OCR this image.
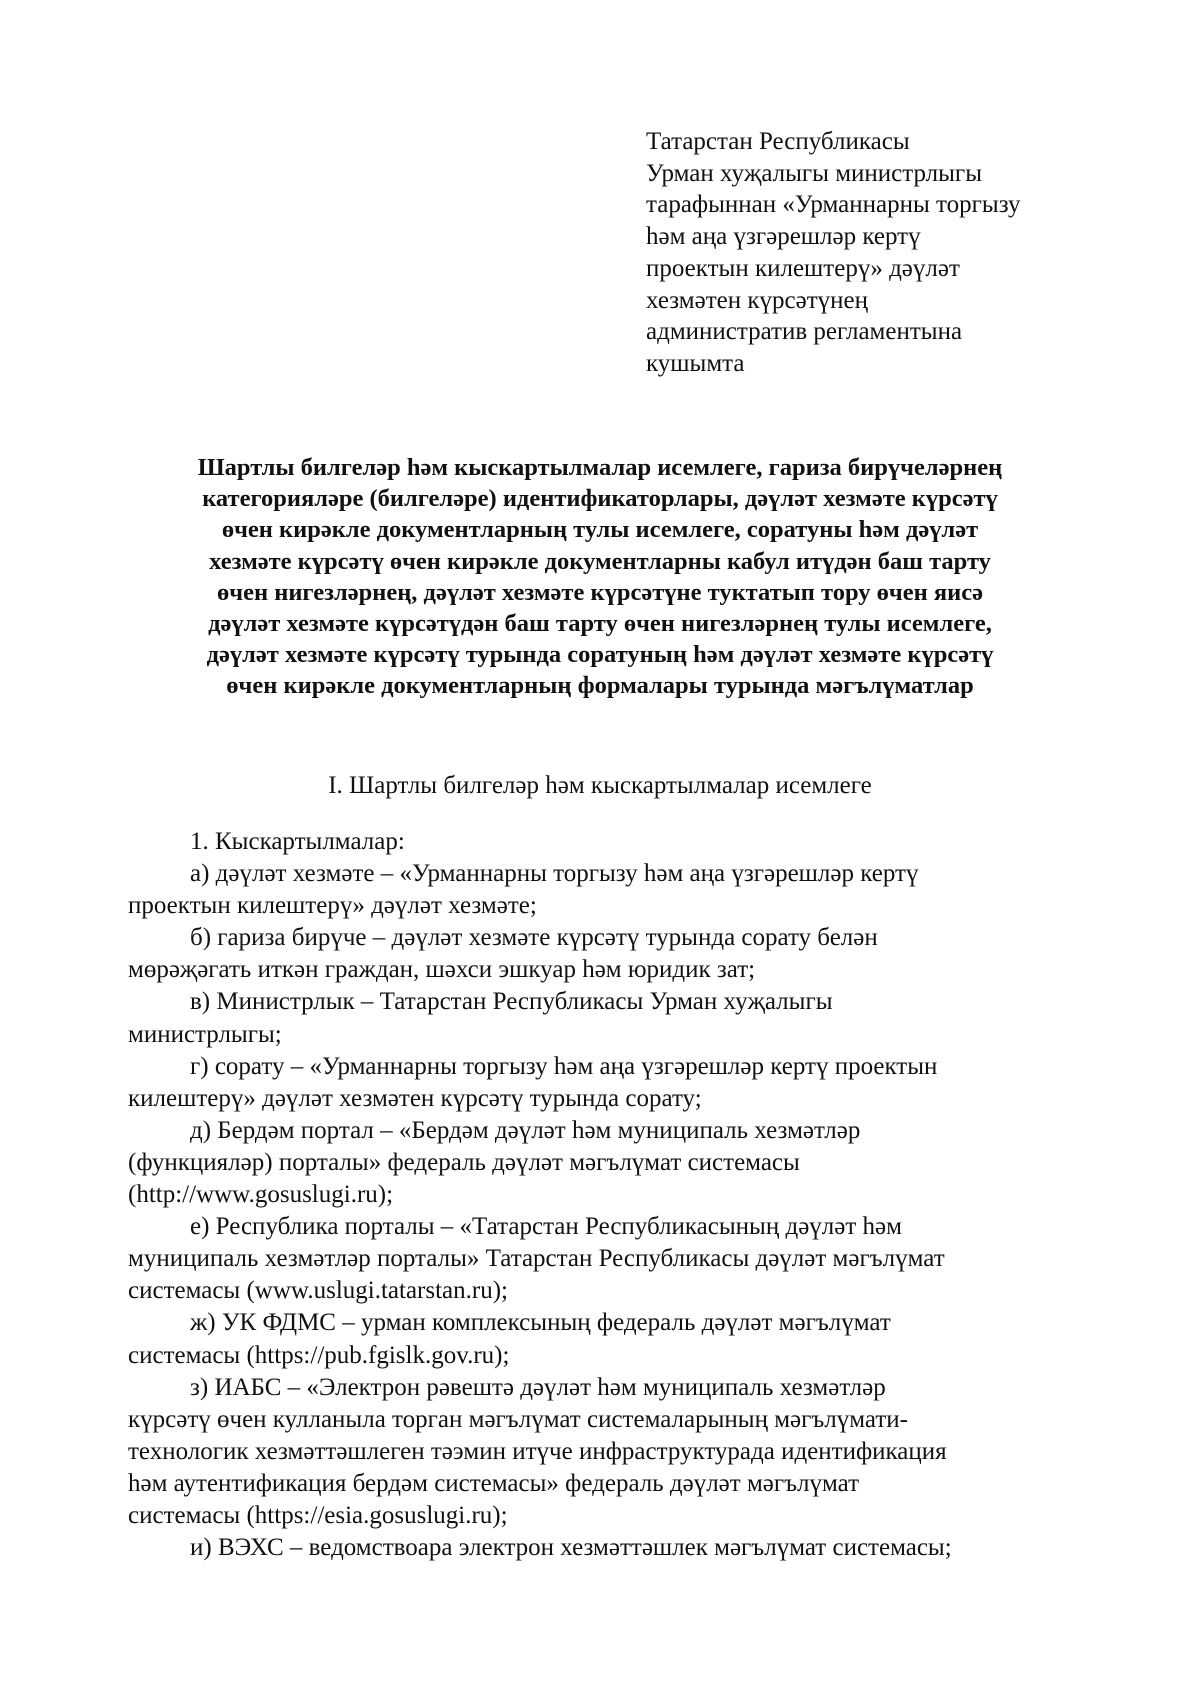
Татарстан Республикасы
Урман хуҗалыгы министрлыгы
тарафыннан «Урманнарны торгызу
һәм аңа үзгәрешләр кертү
проектын килештерү» дәүләт
хезмәтен күрсәтүнең
административ регламентына
кушымта
Шартлы билгеләр һәм кыскартылмалар исемлеге, гариза бирүчеләрнең
категорияләре (билгеләре) идентификаторлары, дәүләт хезмәте күрсәтү
өчен кирәкле документларның тулы исемлеге, соратуны һәм дәүләт
хезмәте күрсәтү өчен кирәкле документларны кабул итүдән баш тарту
өчен нигезләрнең, дәүләт хезмәте күрсәтүне туктатып тору өчен яисә
дәүләт хезмәте күрсәтүдән баш тарту өчен нигезләрнең тулы исемлеге,
дәүләт хезмәте күрсәтү турында соратуның һәм дәүләт хезмәте күрсәтү
өчен кирәкле документларның формалары турында мәгълүматлар
I. Шартлы билгеләр һәм кыскартылмалар исемлеге
1. Кыскартылмалар:
а) дәүләт хезмәте – «Урманнарны торгызу һәм аңа үзгәрешләр кертү
проектын килештерү» дәүләт хезмәте;
б) гариза бирүче – дәүләт хезмәте күрсәтү турында сорату белән
мөрәҗәгать иткән граждан, шәхси эшкуар һәм юридик зат;
в) Министрлык – Татарстан Республикасы Урман хуҗалыгы
министрлыгы;
г) сорату – «Урманнарны торгызу һәм аңа үзгәрешләр кертү проектын
килештерү» дәүләт хезмәтен күрсәтү турында сорату;
д) Бердәм портал – «Бердәм дәүләт һәм муниципаль хезмәтләр
(функцияләр) порталы» федераль дәүләт мәгълүмат системасы
(http://www.gosuslugi.ru);
е) Республика порталы – «Татарстан Республикасының дәүләт һәм
муниципаль хезмәтләр порталы» Татарстан Республикасы дәүләт мәгълүмат
системасы (www.uslugi.tatarstan.ru);
ж) УК ФДМС – урман комплексының федераль дәүләт мәгълүмат
системасы (https://pub.fgislk.gov.ru);
з) ИАБС – «Электрон рәвештә дәүләт һәм муниципаль хезмәтләр
күрсәтү өчен кулланыла торган мәгълүмат системаларының мәгълүмати-
технологик хезмәттәшлеген тәэмин итүче инфраструктурада идентификация
һәм аутентификация бердәм системасы» федераль дәүләт мәгълүмат
системасы (https://esia.gosuslugi.ru);
и) ВЭХС – ведомствоара электрон хезмәттәшлек мәгълүмат системасы;
